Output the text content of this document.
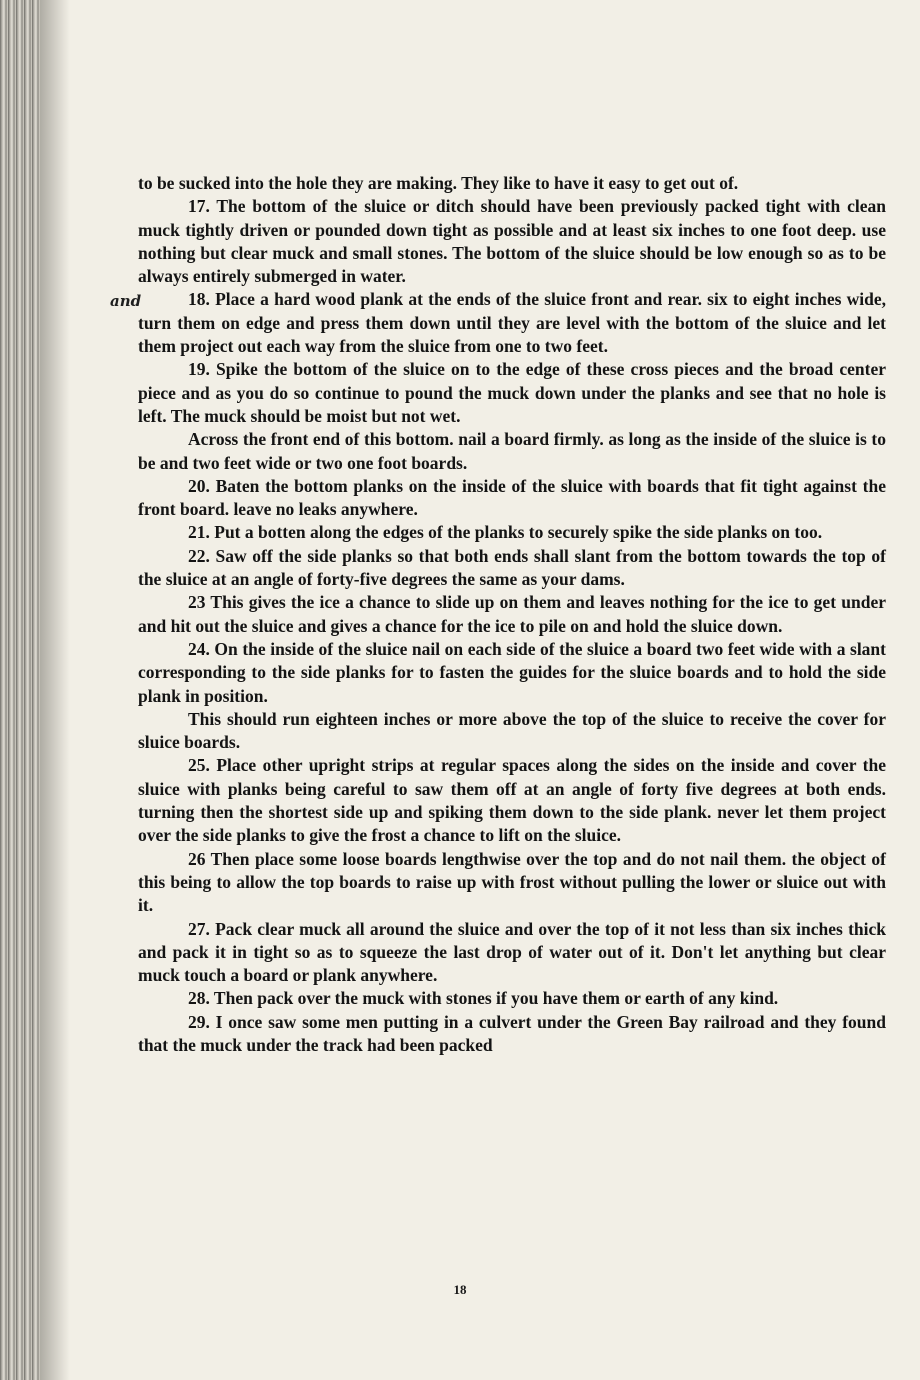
to be sucked into the hole they are making. They like to have it easy to get out of.

17. The bottom of the sluice or ditch should have been previously packed tight with clean muck tightly driven or pounded down tight as possible and at least six inches to one foot deep. use nothing but clear muck and small stones. The bottom of the sluice should be low enough so as to be always entirely submerged in water.

18. Place a hard wood plank at the ends of the sluice front and rear. six to eight inches wide, turn them on edge and press them down until they are level with the bottom of the sluice and let them project out each way from the sluice from one to two feet.

19. Spike the bottom of the sluice on to the edge of these cross pieces and the broad center piece and as you do so continue to pound the muck down under the planks and see that no hole is left. The muck should be moist but not wet.

Across the front end of this bottom. nail a board firmly. as long as the inside of the sluice is to be and two feet wide or two one foot boards.

20. Baten the bottom planks on the inside of the sluice with boards that fit tight against the front board. leave no leaks anywhere.

21. Put a botten along the edges of the planks to securely spike the side planks on too.

22. Saw off the side planks so that both ends shall slant from the bottom towards the top of the sluice at an angle of forty-five degrees the same as your dams.

23 This gives the ice a chance to slide up on them and leaves nothing for the ice to get under and hit out the sluice and gives a chance for the ice to pile on and hold the sluice down.

24. On the inside of the sluice nail on each side of the sluice a board two feet wide with a slant corresponding to the side planks for to fasten the guides for the sluice boards and to hold the side plank in position.

This should run eighteen inches or more above the top of the sluice to receive the cover for sluice boards.

25. Place other upright strips at regular spaces along the sides on the inside and cover the sluice with planks being careful to saw them off at an angle of forty five degrees at both ends. turning then the shortest side up and spiking them down to the side plank. never let them project over the side planks to give the frost a chance to lift on the sluice.

26 Then place some loose boards lengthwise over the top and do not nail them. the object of this being to allow the top boards to raise up with frost without pulling the lower or sluice out with it.

27. Pack clear muck all around the sluice and over the top of it not less than six inches thick and pack it in tight so as to squeeze the last drop of water out of it. Don't let anything but clear muck touch a board or plank anywhere.

28. Then pack over the muck with stones if you have them or earth of any kind.

29. I once saw some men putting in a culvert under the Green Bay railroad and they found that the muck under the track had been packed

and
18
